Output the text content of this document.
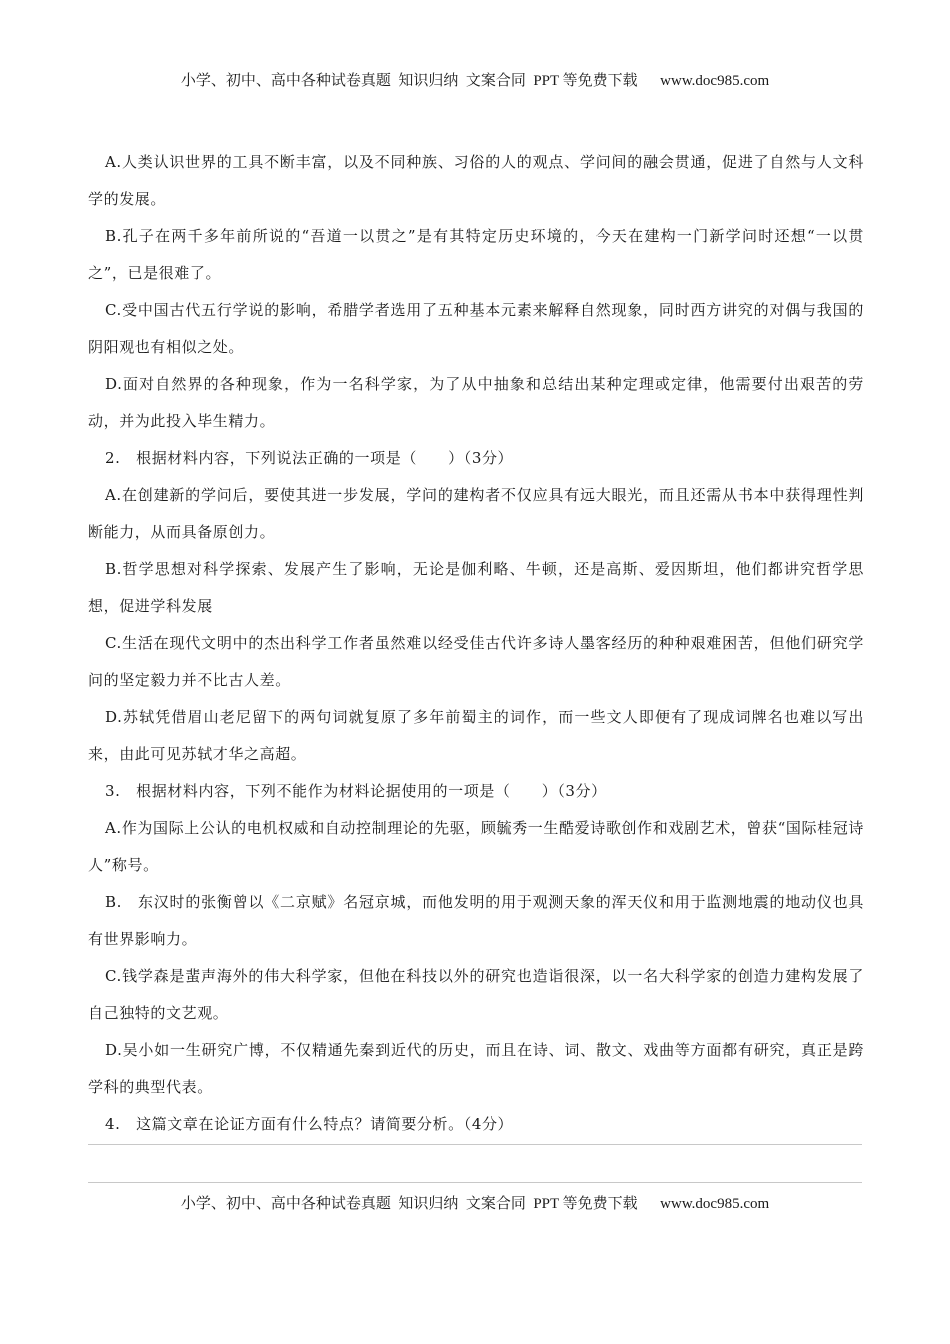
小学、初中、高中各种试卷真题  知识归纳  文案合同  PPT 等免费下载      www.doc985.com

A.人类认识世界的工具不断丰富，以及不同种族、习俗的人的观点、学问间的融会贯通，促进了自然与人文科学的发展。

B.孔子在两千多年前所说的“吾道一以贯之”是有其特定历史环境的，今天在建构一门新学问时还想“一以贯之”，已是很难了。

C.受中国古代五行学说的影响，希腊学者选用了五种基本元素来解释自然现象，同时西方讲究的对偶与我国的阴阳观也有相似之处。

D.面对自然界的各种现象，作为一名科学家，为了从中抽象和总结出某种定理或定律，他需要付出艰苦的劳动，并为此投入毕生精力。

2.　根据材料内容，下列说法正确的一项是（　　）（3分）

A.在创建新的学问后，要使其进一步发展，学问的建构者不仅应具有远大眼光，而且还需从书本中获得理性判断能力，从而具备原创力。

B.哲学思想对科学探索、发展产生了影响，无论是伽利略、牛顿，还是高斯、爱因斯坦，他们都讲究哲学思想，促进学科发展

C.生活在现代文明中的杰出科学工作者虽然难以经受佳古代许多诗人墨客经历的种种艰难困苦，但他们研究学问的坚定毅力并不比古人差。

D.苏轼凭借眉山老尼留下的两句词就复原了多年前蜀主的词作，而一些文人即便有了现成词牌名也难以写出来，由此可见苏轼才华之高超。

3.　根据材料内容，下列不能作为材料论据使用的一项是（　　）（3分）

A.作为国际上公认的电机权威和自动控制理论的先驱，顾毓秀一生酷爱诗歌创作和戏剧艺术，曾获“国际桂冠诗人”称号。

B.　东汉时的张衡曾以《二京赋》名冠京城，而他发明的用于观测天象的浑天仪和用于监测地震的地动仪也具有世界影响力。

C.钱学森是蜚声海外的伟大科学家，但他在科技以外的研究也造诣很深，以一名大科学家的创造力建构发展了自己独特的文艺观。

D.吴小如一生研究广博，不仅精通先秦到近代的历史，而且在诗、词、散文、戏曲等方面都有研究，真正是跨学科的典型代表。

4.　这篇文章在论证方面有什么特点？请简要分析。（4分）

小学、初中、高中各种试卷真题  知识归纳  文案合同  PPT 等免费下载      www.doc985.com
